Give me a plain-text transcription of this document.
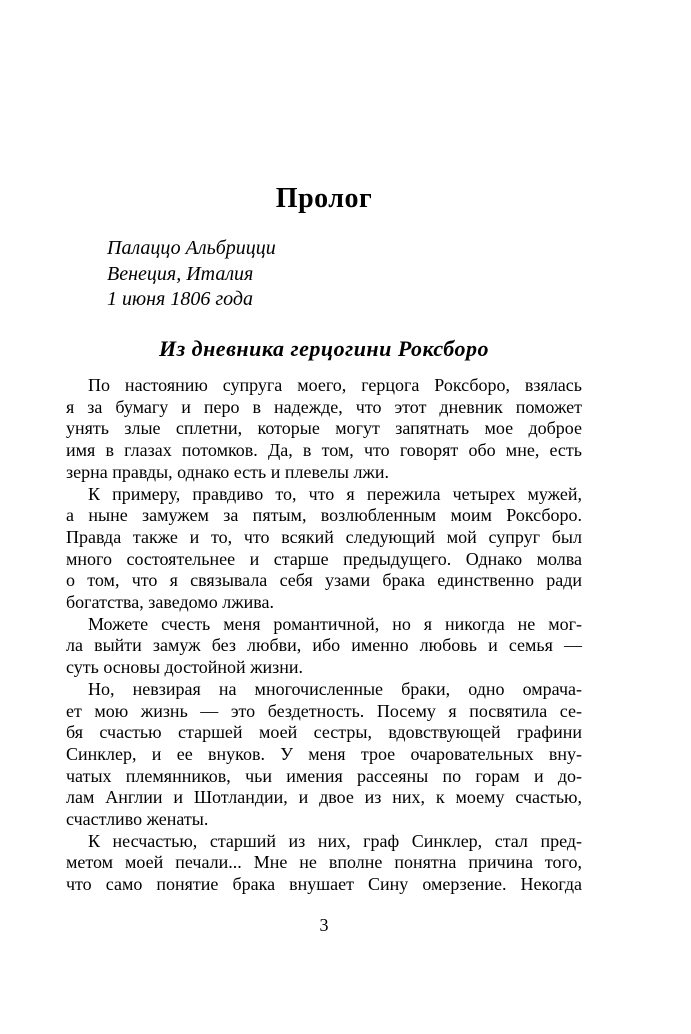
Пролог
Палаццо Альбрицци
Венеция, Италия
1 июня 1806 года
Из дневника герцогини Роксборо
По настоянию супруга моего, герцога Роксборо, взялась
я за бумагу и перо в надежде, что этот дневник поможет
унять злые сплетни, которые могут запятнать мое доброе
имя в глазах потомков. Да, в том, что говорят обо мне, есть
зерна правды, однако есть и плевелы лжи.
К примеру, правдиво то, что я пережила четырех мужей,
а ныне замужем за пятым, возлюбленным моим Роксборо.
Правда также и то, что всякий следующий мой супруг был
много состоятельнее и старше предыдущего. Однако молва
о том, что я связывала себя узами брака единственно ради
богатства, заведомо лжива.
Можете счесть меня романтичной, но я никогда не мог-
ла выйти замуж без любви, ибо именно любовь и семья —
суть основы достойной жизни.
Но, невзирая на многочисленные браки, одно омрача-
ет мою жизнь — это бездетность. Посему я посвятила се-
бя счастью старшей моей сестры, вдовствующей графини
Синклер, и ее внуков. У меня трое очаровательных вну-
чатых племянников, чьи имения рассеяны по горам и до-
лам Англии и Шотландии, и двое из них, к моему счастью,
счастливо женаты.
К несчастью, старший из них, граф Синклер, стал пред-
метом моей печали... Мне не вполне понятна причина того,
что само понятие брака внушает Сину омерзение. Некогда
3
